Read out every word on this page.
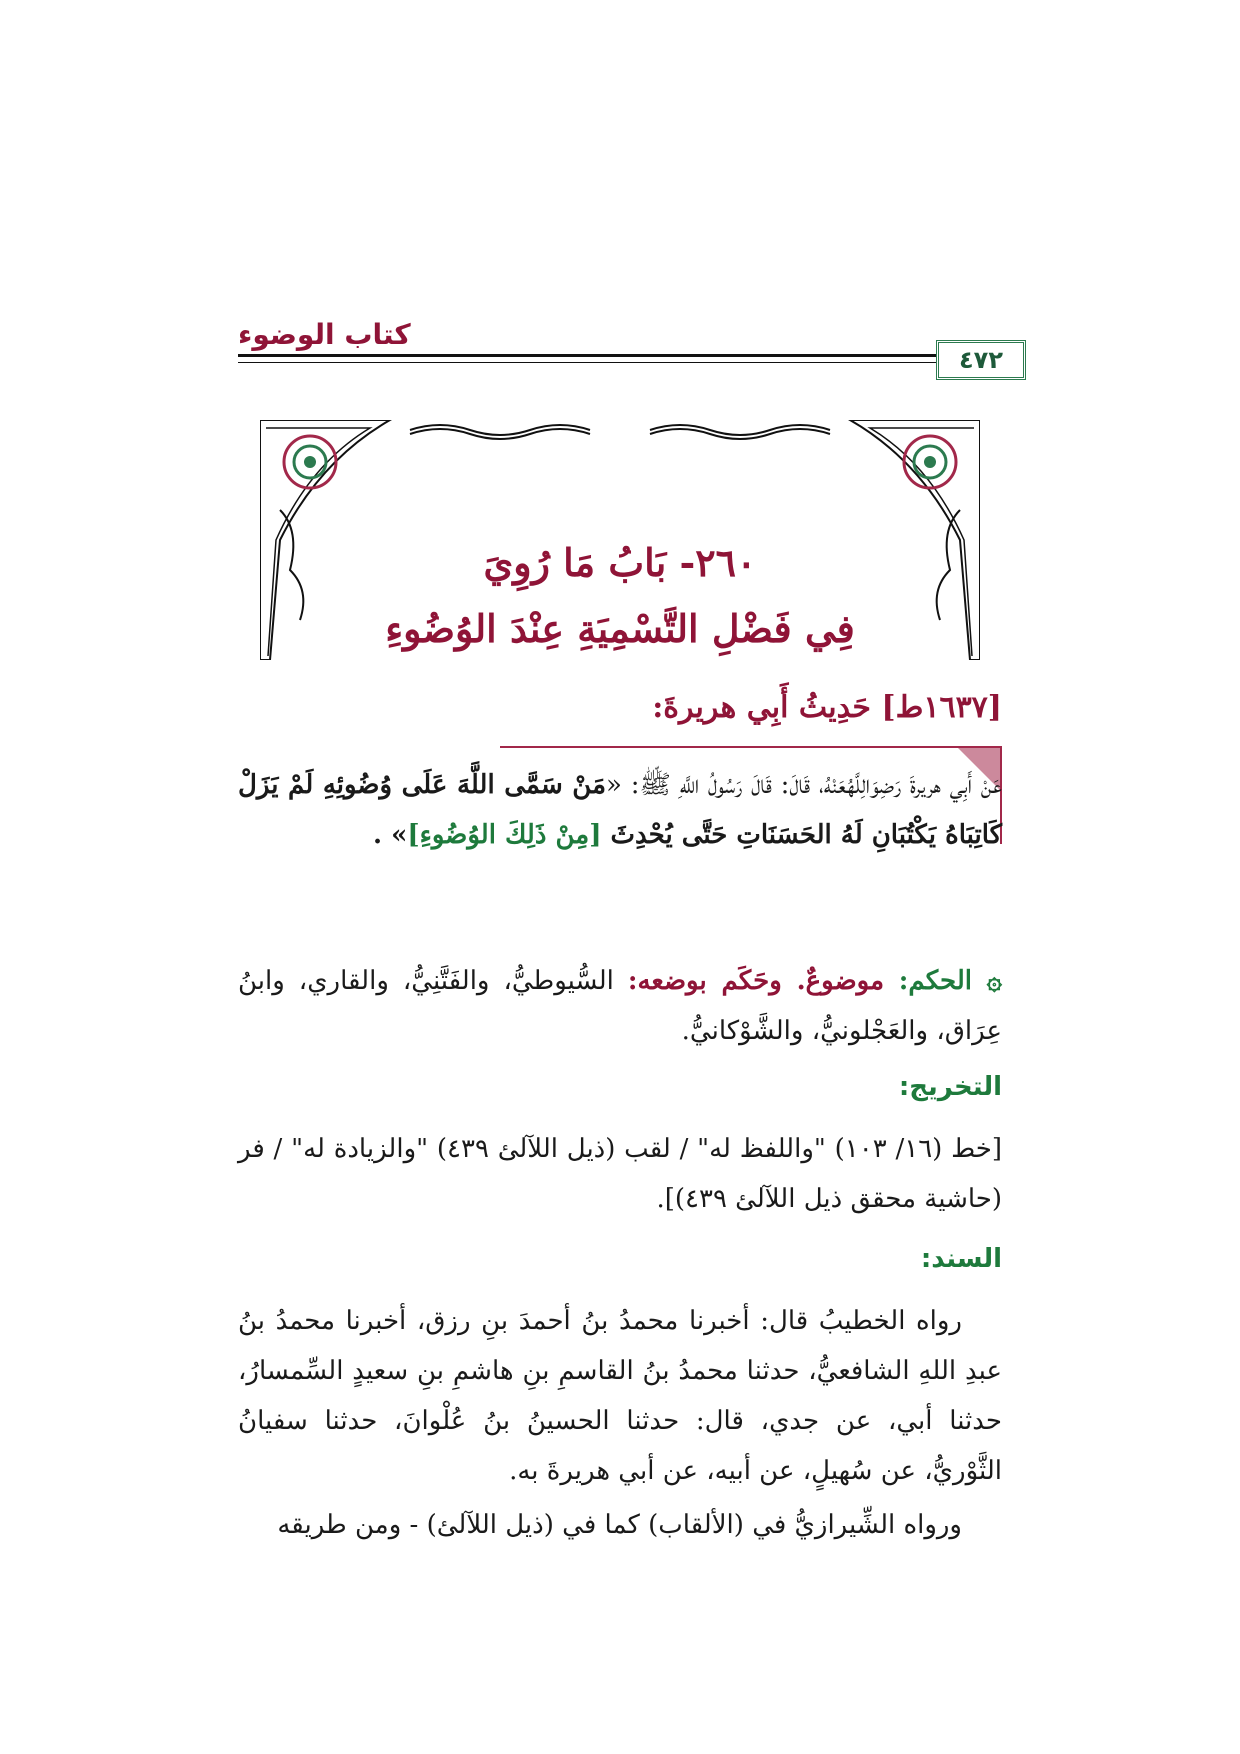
كتاب الوضوء
٤٧٢
٢٦٠- بَابُ مَا رُوِيَ
فِي فَضْلِ التَّسْمِيَةِ عِنْدَ الوُضُوءِ
[١٦٣٧ط] حَدِيثُ أَبِي هريرةَ:
عَنْ أَبِي هريرةَ رَضِوَالِلَّهُعَنْهُ، قَالَ: قَالَ رَسُولُ اللَّهِ ﷺ: «مَنْ سَمَّى اللَّهَ عَلَى وُضُوئِهِ لَمْ يَزَلْ كَاتِبَاهُ يَكْتُبَانِ لَهُ الحَسَنَاتِ حَتَّى يُحْدِثَ [مِنْ ذَلِكَ الوُضُوءِ]» .
۞ الحكم: موضوعٌ. وحَكَم بوضعه: السُّيوطيُّ، والفَتَّنِيُّ، والقاري، وابنُ عِرَاق، والعَجْلونيُّ، والشَّوْكانيُّ.
التخريج:
[خط (١٦/ ١٠٣) "واللفظ له" / لقب (ذيل اللآلئ ٤٣٩) "والزيادة له" / فر (حاشية محقق ذيل اللآلئ ٤٣٩)].
السند:
رواه الخطيبُ قال: أخبرنا محمدُ بنُ أحمدَ بنِ رزق، أخبرنا محمدُ بنُ عبدِ اللهِ الشافعيُّ، حدثنا محمدُ بنُ القاسمِ بنِ هاشمِ بنِ سعيدٍ السِّمسارُ، حدثنا أبي، عن جدي، قال: حدثنا الحسينُ بنُ عُلْوانَ، حدثنا سفيانُ الثَّوْريُّ، عن سُهيلٍ، عن أبيه، عن أبي هريرةَ به.
ورواه الشِّيرازيُّ في (الألقاب) كما في (ذيل اللآلئ) - ومن طريقه
